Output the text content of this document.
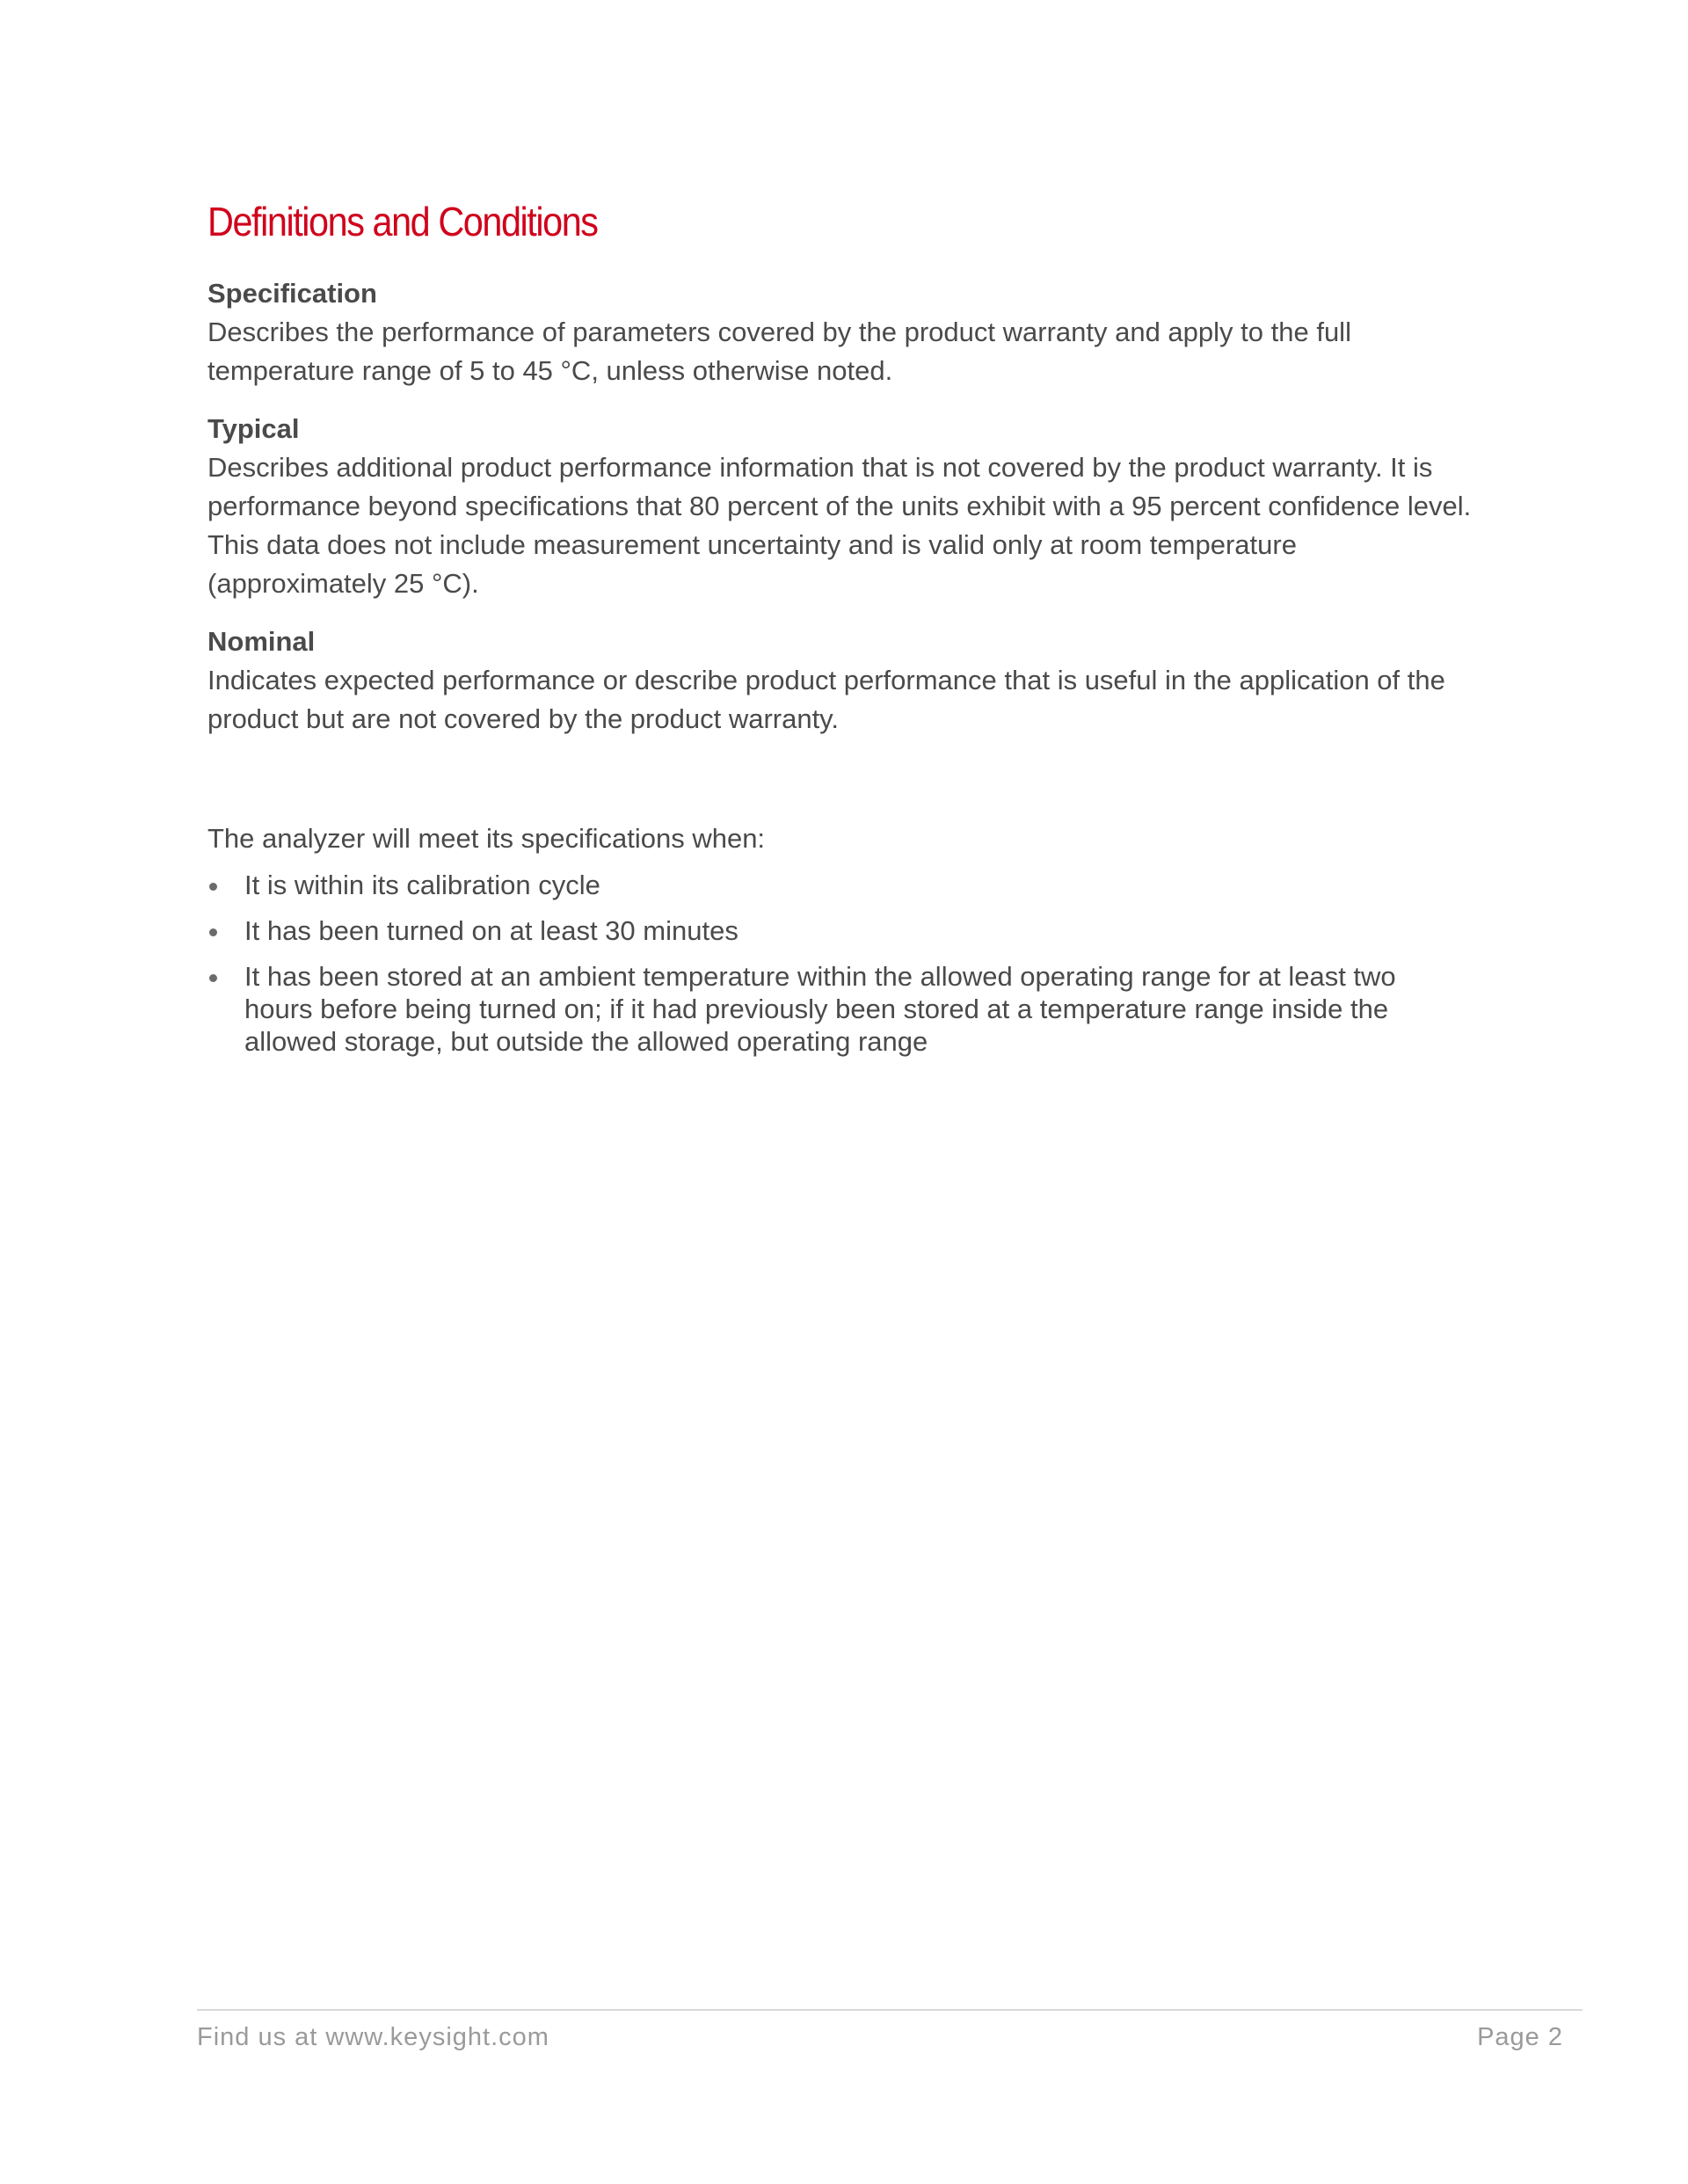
Definitions and Conditions

Specification

Describes the performance of parameters covered by the product warranty and apply to the full temperature range of 5 to 45 °C, unless otherwise noted.

Typical

Describes additional product performance information that is not covered by the product warranty. It is performance beyond specifications that 80 percent of the units exhibit with a 95 percent confidence level. This data does not include measurement uncertainty and is valid only at room temperature (approximately 25 °C).

Nominal

Indicates expected performance or describe product performance that is useful in the application of the product but are not covered by the product warranty.

The analyzer will meet its specifications when:

It is within its calibration cycle
It has been turned on at least 30 minutes
It has been stored at an ambient temperature within the allowed operating range for at least two hours before being turned on; if it had previously been stored at a temperature range inside the allowed storage, but outside the allowed operating range
Find us at www.keysight.com	Page 2
